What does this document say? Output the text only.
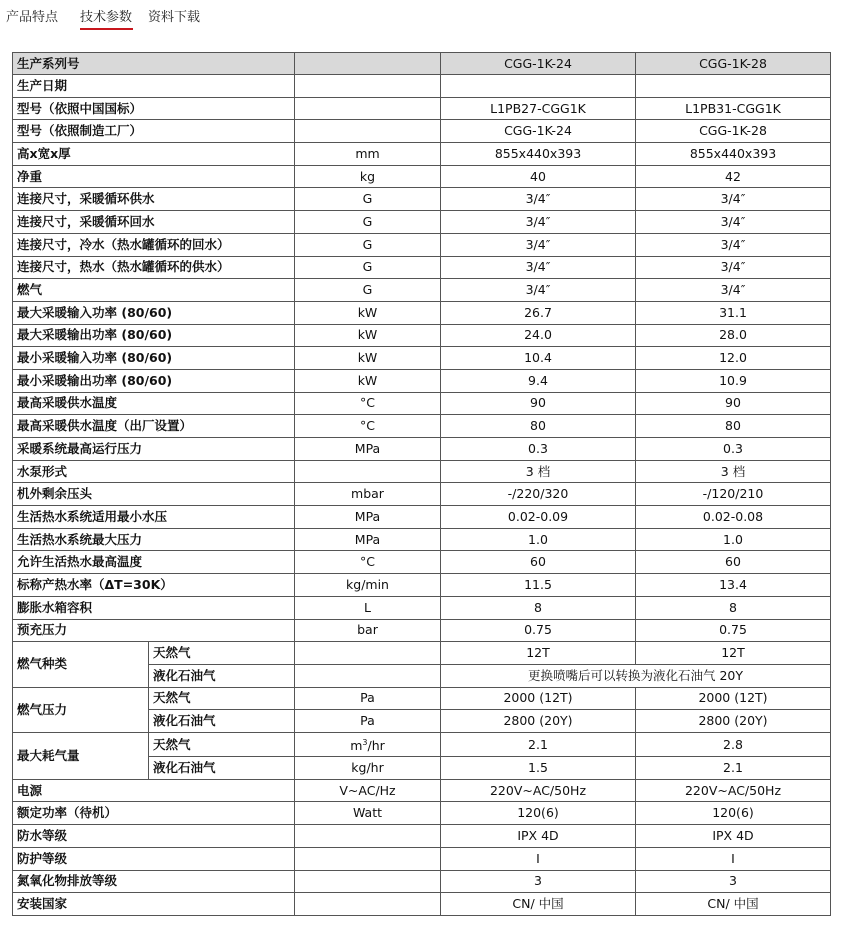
产品特点 技术参数 资料下载
生产系列号			CGG-1K-24	CGG-1K-28
生产日期				
型号（依照中国国标）			L1PB27-CGG1K	L1PB31-CGG1K
型号（依照制造工厂）			CGG-1K-24	CGG-1K-28
高x宽x厚		mm	855x440x393	855x440x393
净重		kg	40	42
连接尺寸，采暖循环供水		G	3/4″	3/4″
连接尺寸，采暖循环回水		G	3/4″	3/4″
连接尺寸，冷水（热水罐循环的回水）		G	3/4″	3/4″
连接尺寸，热水（热水罐循环的供水）		G	3/4″	3/4″
燃气		G	3/4″	3/4″
最大采暖输入功率 (80/60)		kW	26.7	31.1
最大采暖输出功率 (80/60)		kW	24.0	28.0
最小采暖输入功率 (80/60)		kW	10.4	12.0
最小采暖输出功率 (80/60)		kW	9.4	10.9
最高采暖供水温度		°C	90	90
最高采暖供水温度（出厂设置）		°C	80	80
采暖系统最高运行压力		MPa	0.3	0.3
水泵形式			3 档	3 档
机外剩余压头		mbar	-/220/320	-/120/210
生活热水系统适用最小水压		MPa	0.02-0.09	0.02-0.08
生活热水系统最大压力		MPa	1.0	1.0
允许生活热水最高温度		°C	60	60
标称产热水率（ΔT=30K）		kg/min	11.5	13.4
膨胀水箱容积		L	8	8
预充压力		bar	0.75	0.75
燃气种类	天然气		12T	12T
	液化石油气		更换喷嘴后可以转换为液化石油气 20Y	
燃气压力	天然气	Pa	2000 (12T)	2000 (12T)
	液化石油气	Pa	2800 (20Y)	2800 (20Y)
最大耗气量	天然气	$m^3/hr$	2.1	2.8
	液化石油气	kg/hr	1.5	2.1
电源		V~AC/Hz	220V~AC/50Hz	220V~AC/50Hz
额定功率（待机）		Watt	120(6)	120(6)
防水等级			IPX 4D	IPX 4D
防护等级			I	I
氮氧化物排放等级			3	3
安装国家			CN/ 中国	CN/ 中国
